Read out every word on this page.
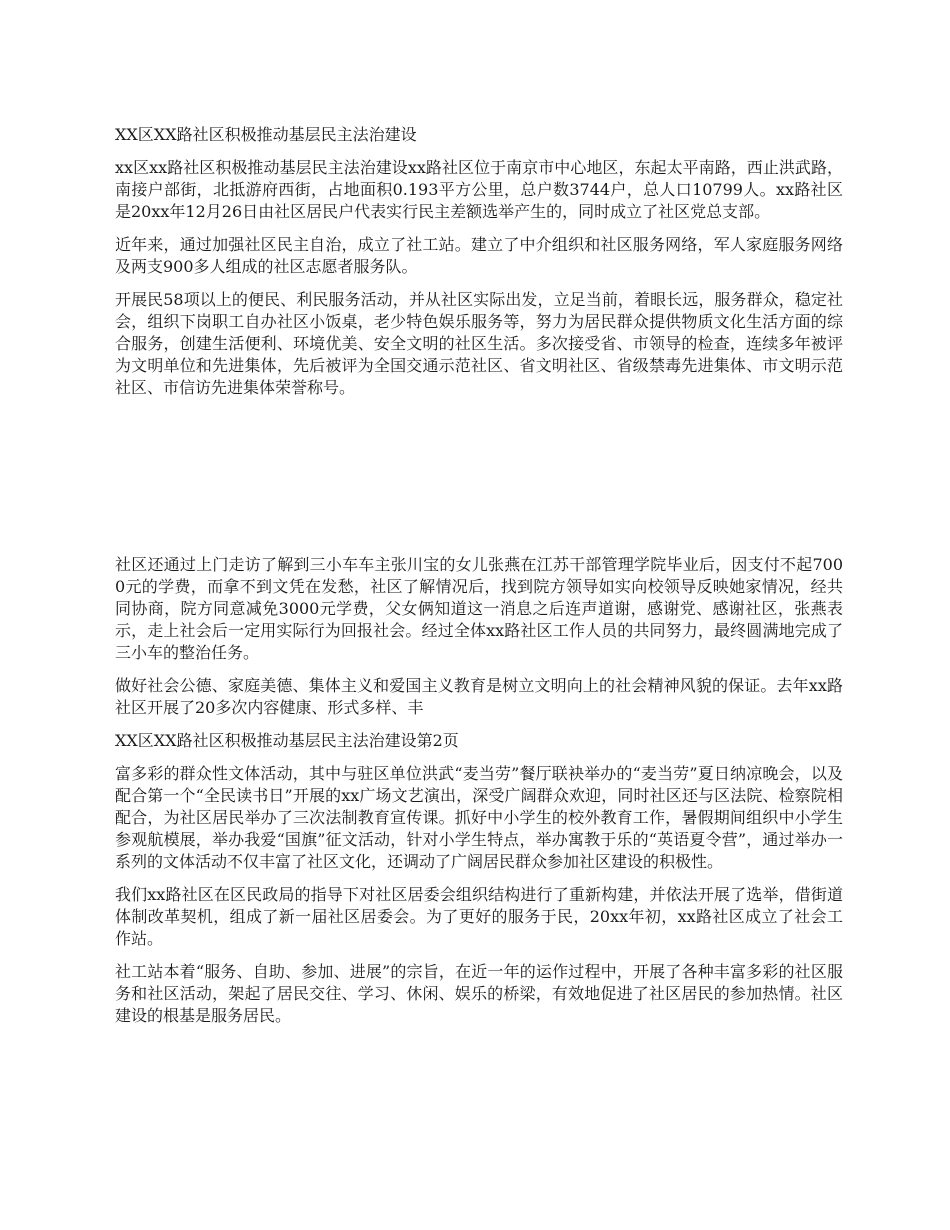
XX区XX路社区积极推动基层民主法治建设

xx区xx路社区积极推动基层民主法治建设xx路社区位于南京市中心地区，东起太平南路，西止洪武路，南接户部街，北抵游府西街，占地面积0.193平方公里，总户数3744户，总人口10799人。xx路社区是20xx年12月26日由社区居民户代表实行民主差额选举产生的，同时成立了社区党总支部。

近年来，通过加强社区民主自治，成立了社工站。建立了中介组织和社区服务网络，军人家庭服务网络及两支900多人组成的社区志愿者服务队。

开展民58项以上的便民、利民服务活动，并从社区实际出发，立足当前，着眼长远，服务群众，稳定社会，组织下岗职工自办社区小饭桌，老少特色娱乐服务等，努力为居民群众提供物质文化生活方面的综合服务，创建生活便利、环境优美、安全文明的社区生活。多次接受省、市领导的检查，连续多年被评为文明单位和先进集体，先后被评为全国交通示范社区、省文明社区、省级禁毒先进集体、市文明示范社区、市信访先进集体荣誉称号。

社区还通过上门走访了解到三小车车主张川宝的女儿张燕在江苏干部管理学院毕业后，因支付不起7000元的学费，而拿不到文凭在发愁，社区了解情况后，找到院方领导如实向校领导反映她家情况，经共同协商，院方同意减免3000元学费，父女俩知道这一消息之后连声道谢，感谢党、感谢社区，张燕表示，走上社会后一定用实际行为回报社会。经过全体xx路社区工作人员的共同努力，最终圆满地完成了三小车的整治任务。

做好社会公德、家庭美德、集体主义和爱国主义教育是树立文明向上的社会精神风貌的保证。去年xx路社区开展了20多次内容健康、形式多样、丰

XX区XX路社区积极推动基层民主法治建设第2页

富多彩的群众性文体活动，其中与驻区单位洪武“麦当劳”餐厅联袂举办的“麦当劳”夏日纳凉晚会，以及配合第一个“全民读书日”开展的xx广场文艺演出，深受广阔群众欢迎，同时社区还与区法院、检察院相配合，为社区居民举办了三次法制教育宣传课。抓好中小学生的校外教育工作，暑假期间组织中小学生参观航模展，举办我爱“国旗”征文活动，针对小学生特点，举办寓教于乐的“英语夏令营”，通过举办一系列的文体活动不仅丰富了社区文化，还调动了广阔居民群众参加社区建设的积极性。

我们xx路社区在区民政局的指导下对社区居委会组织结构进行了重新构建，并依法开展了选举，借街道体制改革契机，组成了新一届社区居委会。为了更好的服务于民，20xx年初，xx路社区成立了社会工作站。

社工站本着“服务、自助、参加、进展”的宗旨，在近一年的运作过程中，开展了各种丰富多彩的社区服务和社区活动，架起了居民交往、学习、休闲、娱乐的桥梁，有效地促进了社区居民的参加热情。社区建设的根基是服务居民。
